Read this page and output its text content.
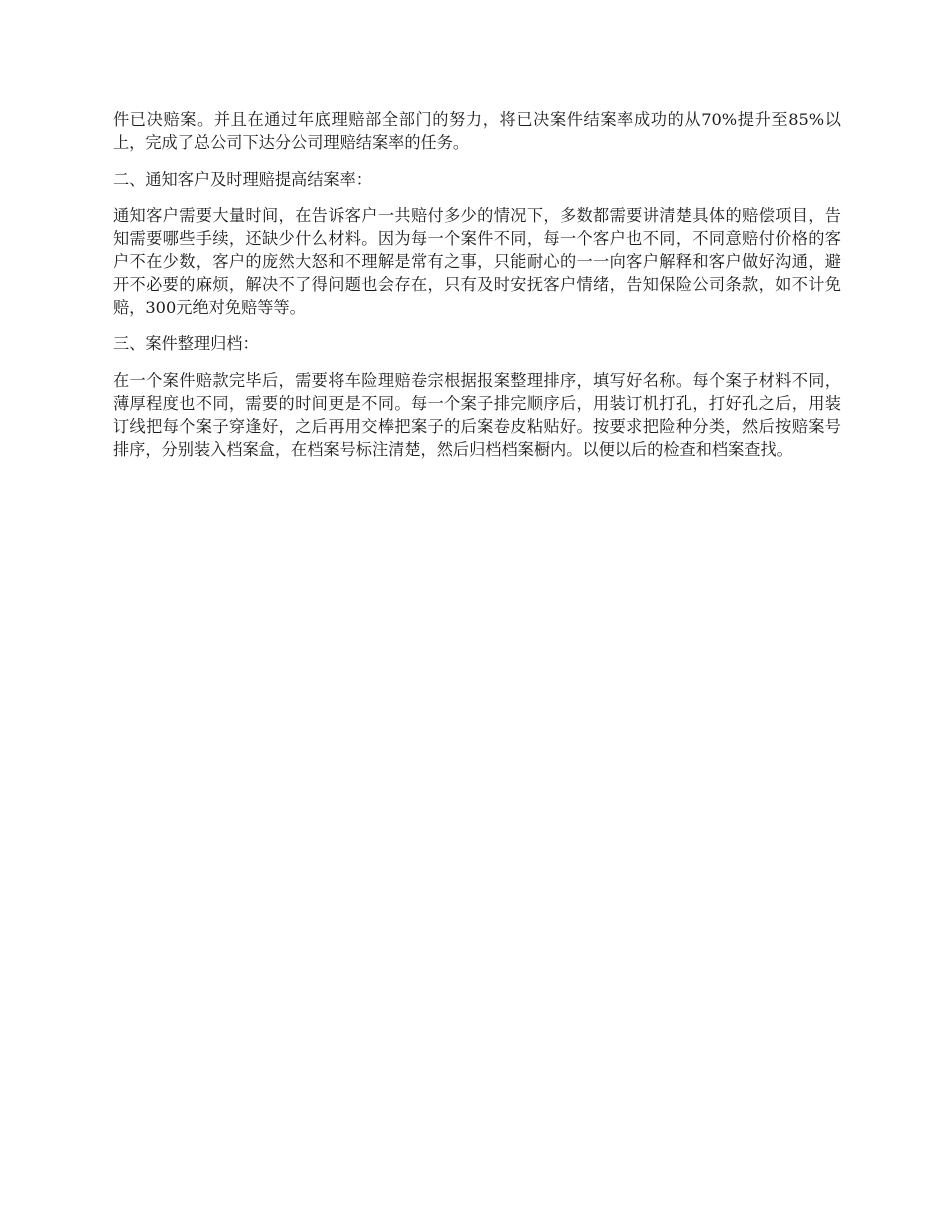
件已决赔案。并且在通过年底理赔部全部门的努力，将已决案件结案率成功的从70%提升至85%以上，完成了总公司下达分公司理赔结案率的任务。

二、通知客户及时理赔提高结案率：

通知客户需要大量时间，在告诉客户一共赔付多少的情况下，多数都需要讲清楚具体的赔偿项目，告知需要哪些手续，还缺少什么材料。因为每一个案件不同，每一个客户也不同，不同意赔付价格的客户不在少数，客户的庞然大怒和不理解是常有之事，只能耐心的一一向客户解释和客户做好沟通，避开不必要的麻烦，解决不了得问题也会存在，只有及时安抚客户情绪，告知保险公司条款，如不计免赔，300元绝对免赔等等。

三、案件整理归档：

在一个案件赔款完毕后，需要将车险理赔卷宗根据报案整理排序，填写好名称。每个案子材料不同，薄厚程度也不同，需要的时间更是不同。每一个案子排完顺序后，用装订机打孔，打好孔之后，用装订线把每个案子穿逢好，之后再用交棒把案子的后案卷皮粘贴好。按要求把险种分类，然后按赔案号排序，分别装入档案盒，在档案号标注清楚，然后归档档案橱内。以便以后的检查和档案查找。
